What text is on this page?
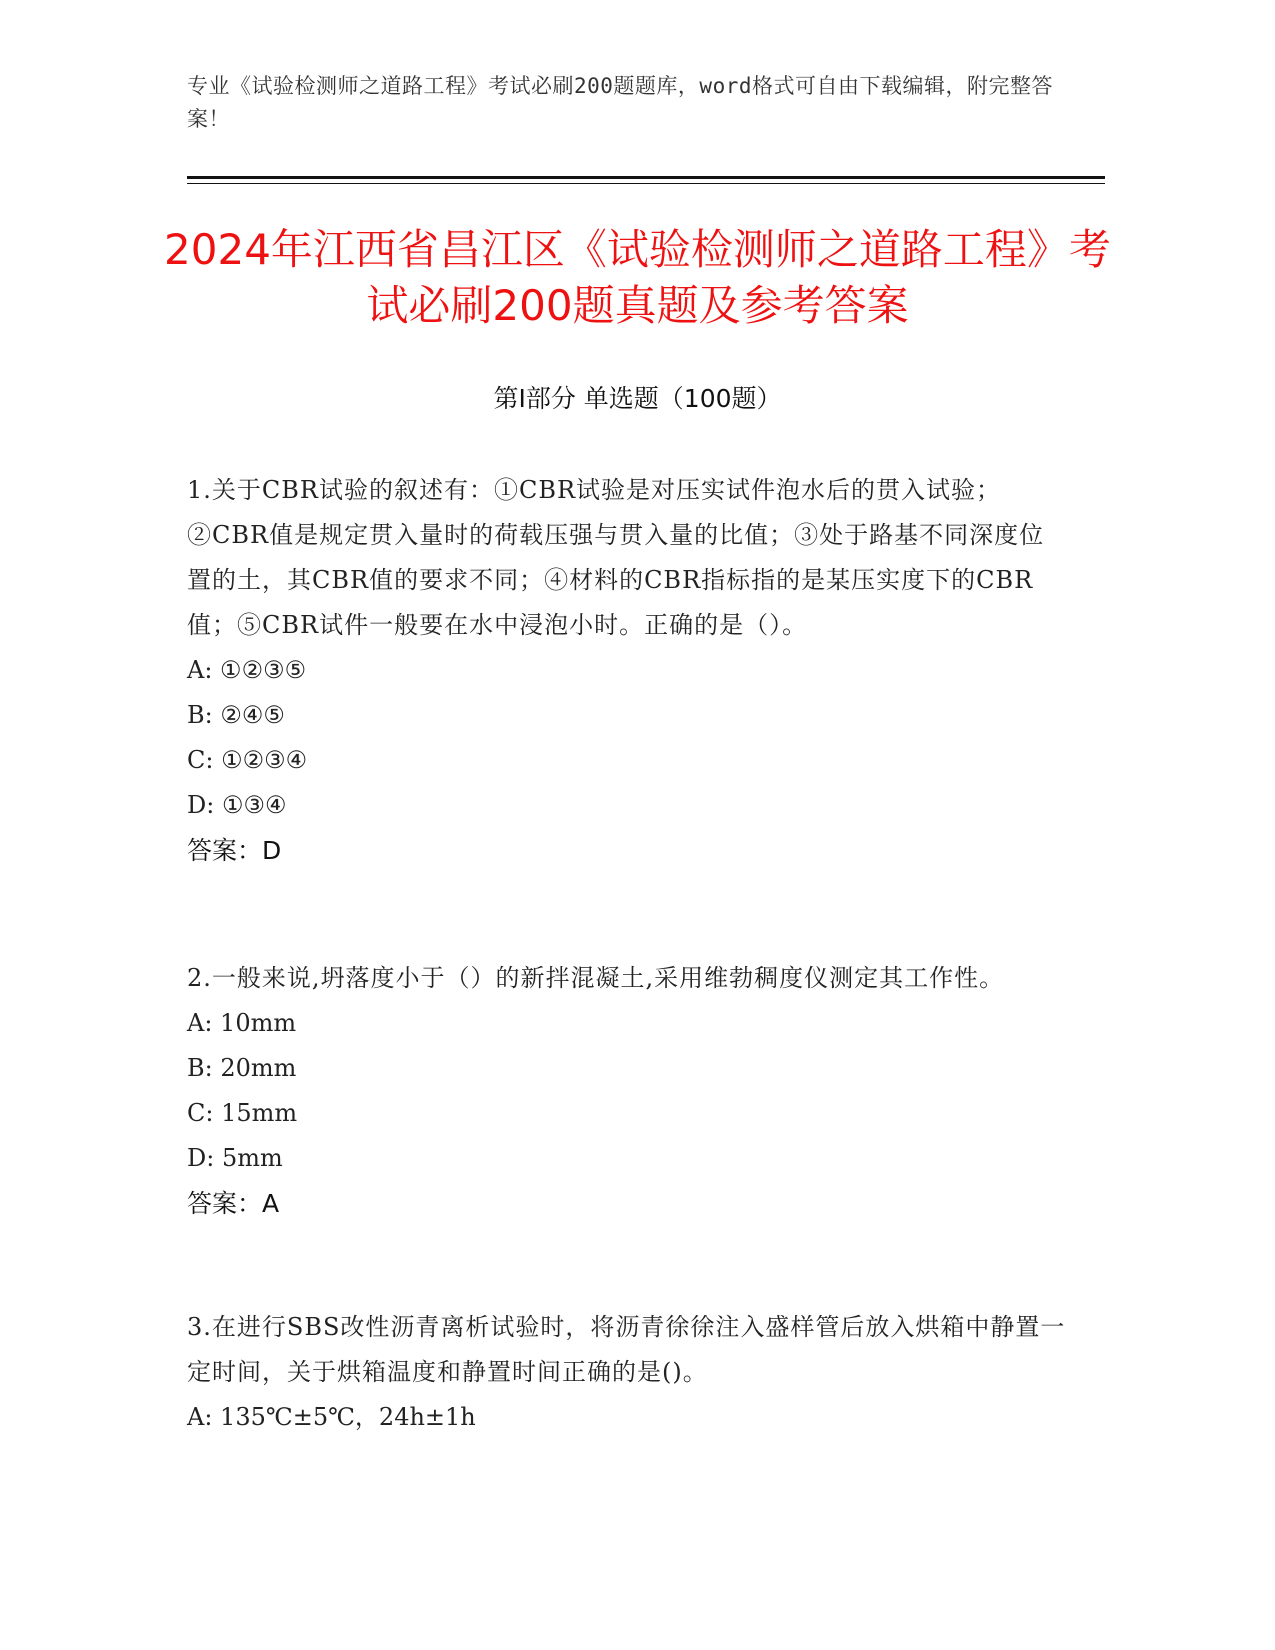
专业《试验检测师之道路工程》考试必刷200题题库，word格式可自由下载编辑，附完整答案！
2024年江西省昌江区《试验检测师之道路工程》考试必刷200题真题及参考答案
第I部分 单选题（100题）
1.关于CBR试验的叙述有：①CBR试验是对压实试件泡水后的贯入试验；②CBR值是规定贯入量时的荷载压强与贯入量的比值；③处于路基不同深度位置的土，其CBR值的要求不同；④材料的CBR指标指的是某压实度下的CBR值；⑤CBR试件一般要在水中浸泡小时。正确的是（）。
A: ①②③⑤
B: ②④⑤
C: ①②③④
D: ①③④
答案：D
2.一般来说,坍落度小于（）的新拌混凝土,采用维勃稠度仪测定其工作性。
A: 10mm
B: 20mm
C: 15mm
D: 5mm
答案：A
3.在进行SBS改性沥青离析试验时，将沥青徐徐注入盛样管后放入烘箱中静置一定时间，关于烘箱温度和静置时间正确的是()。
A: 135℃±5℃，24h±1h
